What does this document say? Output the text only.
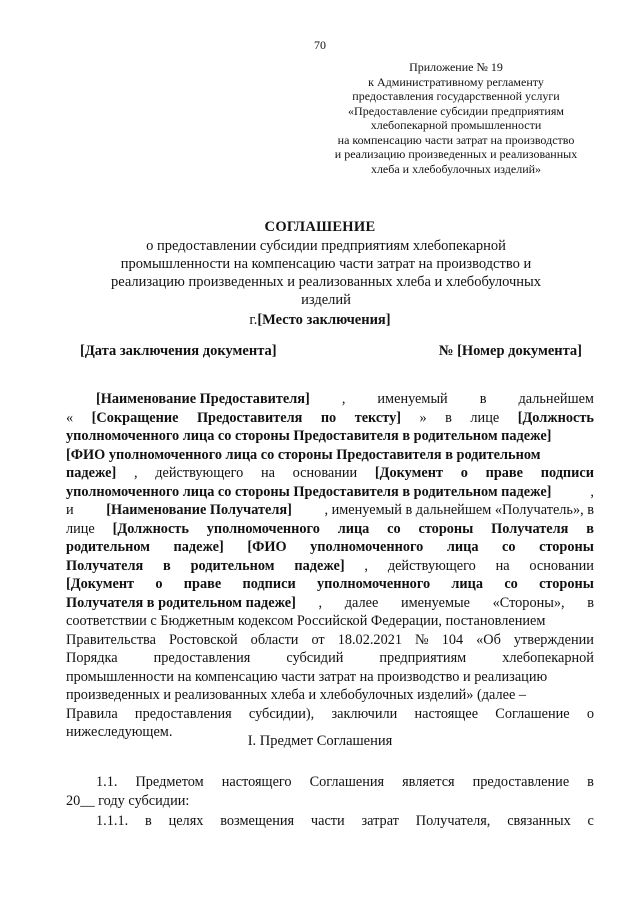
70
Приложение № 19
к Административному регламенту
предоставления государственной услуги
«Предоставление субсидии предприятиям
хлебопекарной промышленности
на компенсацию части затрат на производство
и реализацию произведенных и реализованных
хлеба и хлебобулочных изделий»
СОГЛАШЕНИЕ
о предоставлении субсидии предприятиям хлебопекарной
промышленности на компенсацию части затрат на производство и
реализацию произведенных и реализованных хлеба и хлебобулочных
изделий
г.[Место заключения]
[Дата заключения документа]	№ [Номер документа]
[Наименование Предоставителя] , именуемый в дальнейшем
« [Сокращение Предоставителя по тексту] » в лице [Должность
уполномоченного лица со стороны Предоставителя в родительном падеже]
[ФИО уполномоченного лица со стороны Предоставителя в родительном
падеже] , действующего на основании [Документ о праве подписи
уполномоченного лица со стороны Предоставителя в родительном падеже]	,
и [Наименование Получателя] , именуемый в дальнейшем «Получатель», в
лице [Должность уполномоченного лица со стороны Получателя в
родительном падеже] [ФИО уполномоченного лица со стороны
Получателя в родительном падеже] , действующего на основании
[Документ о праве подписи уполномоченного лица со стороны
Получателя в родительном падеже] , далее именуемые «Стороны», в
соответствии с Бюджетным кодексом Российской Федерации, постановлением
Правительства Ростовской области от 18.02.2021 № 104 «Об утверждении
Порядка	предоставления	субсидий	предприятиям	хлебопекарной
промышленности на компенсацию части затрат на производство и реализацию
произведенных и реализованных хлеба и хлебобулочных изделий» (далее –
Правила предоставления субсидии), заключили настоящее Соглашение о
нижеследующем.
I. Предмет Соглашения
1.1. Предметом настоящего Соглашения является предоставление в
20__ году субсидии:
1.1.1. в целях возмещения части затрат Получателя, связанных с
